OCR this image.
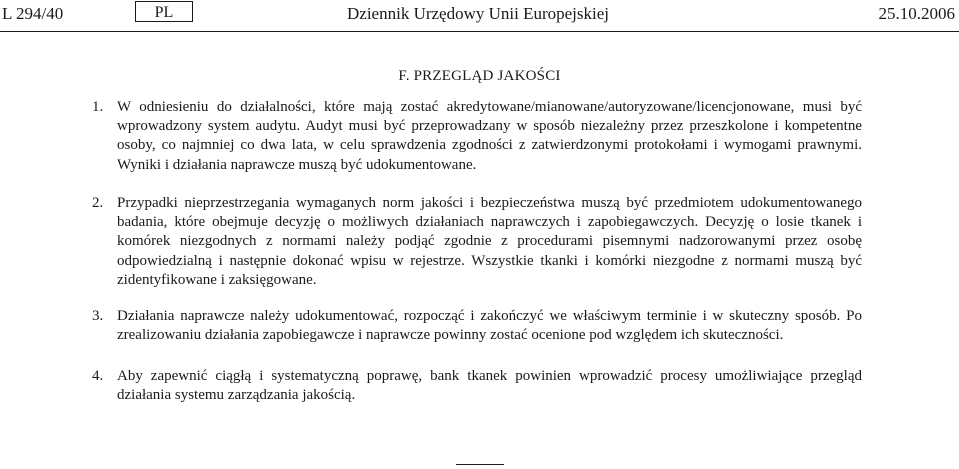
L 294/40	PL	Dziennik Urzędowy Unii Europejskiej	25.10.2006
F. PRZEGLĄD JAKOŚCI
1. W odniesieniu do działalności, które mają zostać akredytowane/mianowane/autoryzowane/licencjonowane, musi być wprowadzony system audytu. Audyt musi być przeprowadzany w sposób niezależny przez przeszkolone i kompetentne osoby, co najmniej co dwa lata, w celu sprawdzenia zgodności z zatwierdzonymi protokołami i wymogami prawnymi. Wyniki i działania naprawcze muszą być udokumentowane.
2. Przypadki nieprzestrzegania wymaganych norm jakości i bezpieczeństwa muszą być przedmiotem udokumentowanego badania, które obejmuje decyzję o możliwych działaniach naprawczych i zapobiegawczych. Decyzję o losie tkanek i komórek niezgodnych z normami należy podjąć zgodnie z procedurami pisemnymi nadzorowanymi przez osobę odpowiedzialną i następnie dokonać wpisu w rejestrze. Wszystkie tkanki i komórki niezgodne z normami muszą być zidentyfikowane i zaksięgowane.
3. Działania naprawcze należy udokumentować, rozpocząć i zakończyć we właściwym terminie i w skuteczny sposób. Po zrealizowaniu działania zapobiegawcze i naprawcze powinny zostać ocenione pod względem ich skuteczności.
4. Aby zapewnić ciągłą i systematyczną poprawę, bank tkanek powinien wprowadzić procesy umożliwiające przegląd działania systemu zarządzania jakością.
